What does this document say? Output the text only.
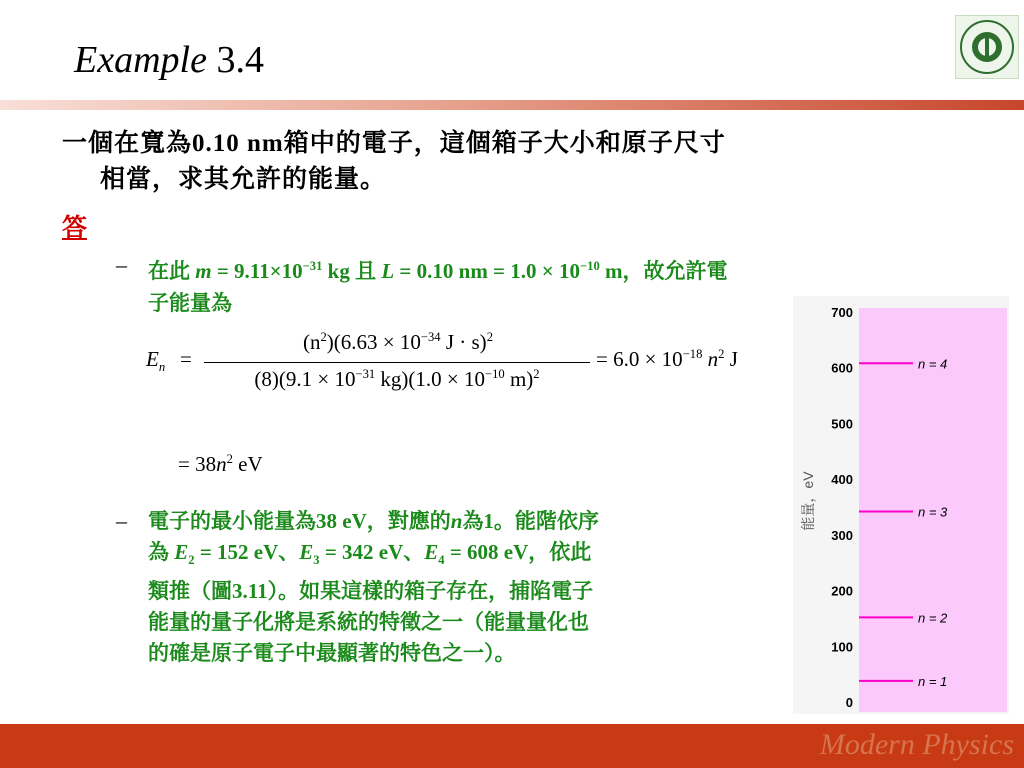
Example 3.4
一個在寬為0.10 nm箱中的電子，這個箱子大小和原子尺寸
相當，求其允許的能量。
答
– 在此 $m = 9.11\times 10^{-31}$ kg 且 L = 0.10 nm = $1.0 \times 10^{-10}$ m，故允許電
子能量為
$E_n$ =
$(n^2)(6.63 \times 10^{-34}$ J · s)$^2$
$(8)(9.1 \times 10^{-31}$ $kg)(1.0 \times 10^{-10}$ m)$^2$
= $6.0 \times 10^{-18}$ $n^2$ J
= $38n^2$ eV
– 電子的最小能量為38 eV，對應的n為1。能階依序
為 $E_2 = 152$ eV、$E_3 = 342$ eV、$E_4 = 608$ eV，依此
類推（圖3.11）。如果這樣的箱子存在，捕陷電子
能量的量子化將是系統的特徵之一（能量量化也
的確是原子電子中最顯著的特色之一）。
0
100
200
300
400
500
600
700
n = 1
n = 2
n = 3
n = 4
能量，eV
Modern Physics
